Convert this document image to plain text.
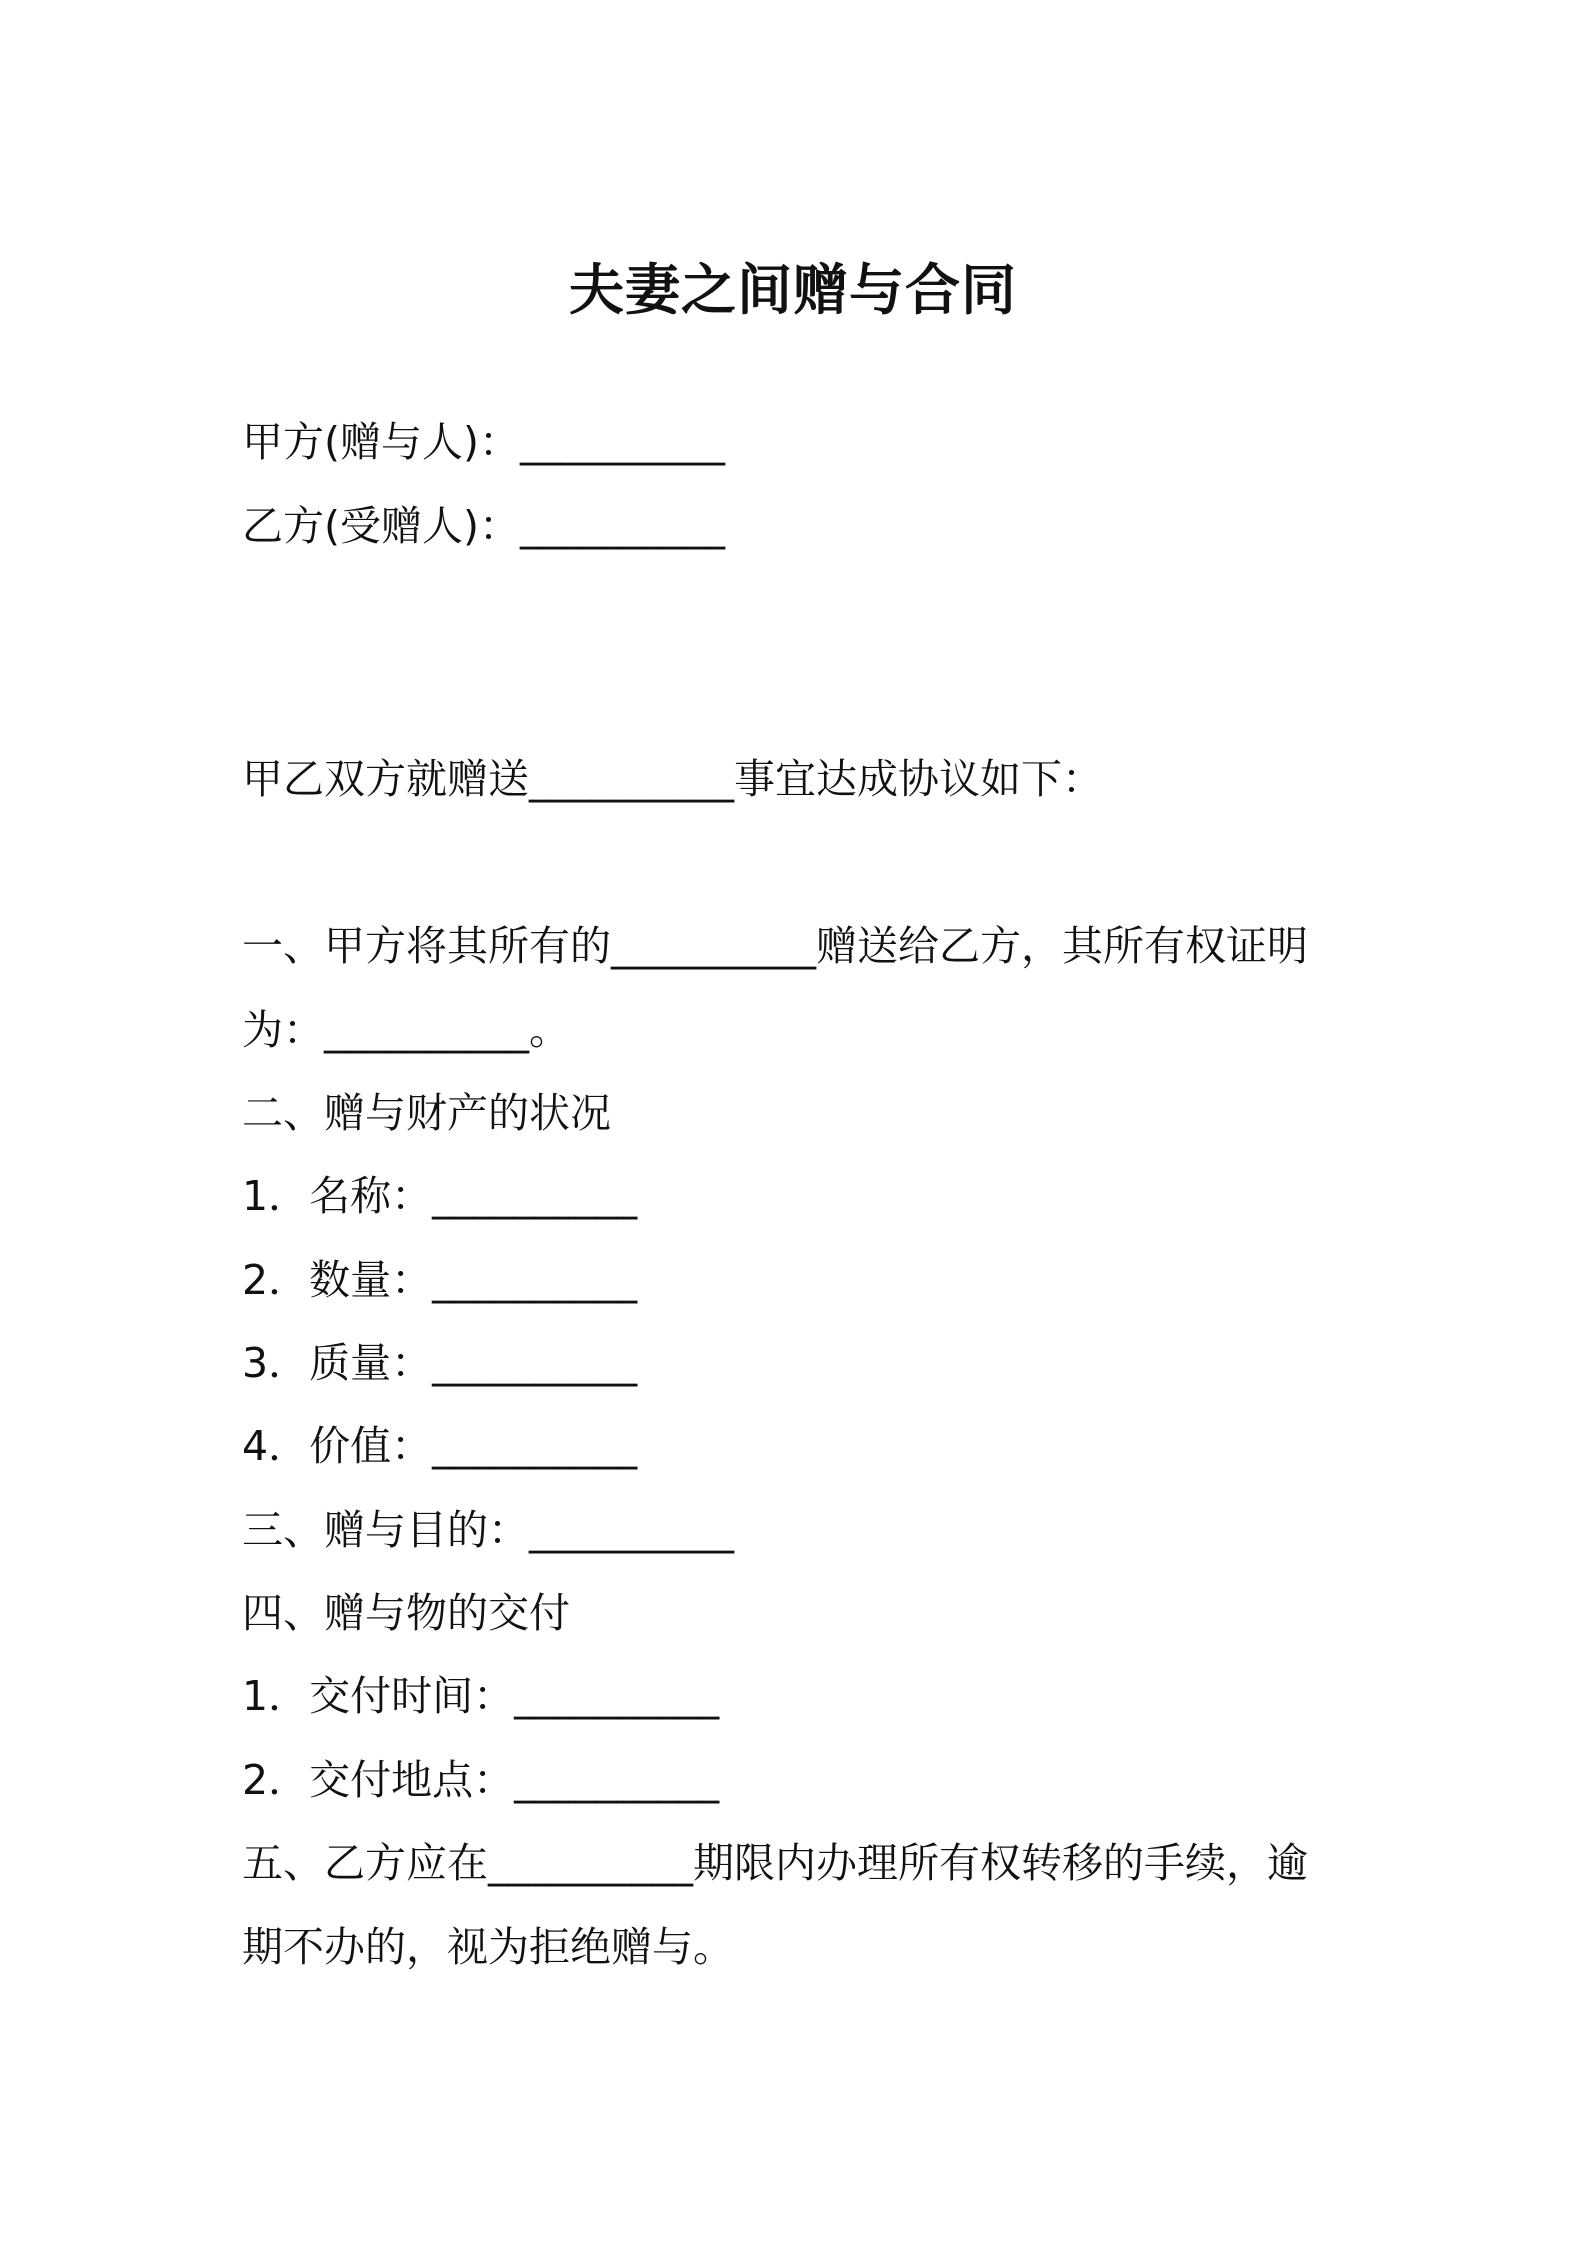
夫妻之间赠与合同
甲方(赠与人)：__________
乙方(受赠人)：__________
甲乙双方就赠送__________事宜达成协议如下：
一、甲方将其所有的__________赠送给乙方，其所有权证明
为：__________。
二、赠与财产的状况
1．名称：__________
2．数量：__________
3．质量：__________
4．价值：__________
三、赠与目的：__________
四、赠与物的交付
1．交付时间：__________
2．交付地点：__________
五、乙方应在__________期限内办理所有权转移的手续，逾
期不办的，视为拒绝赠与。
